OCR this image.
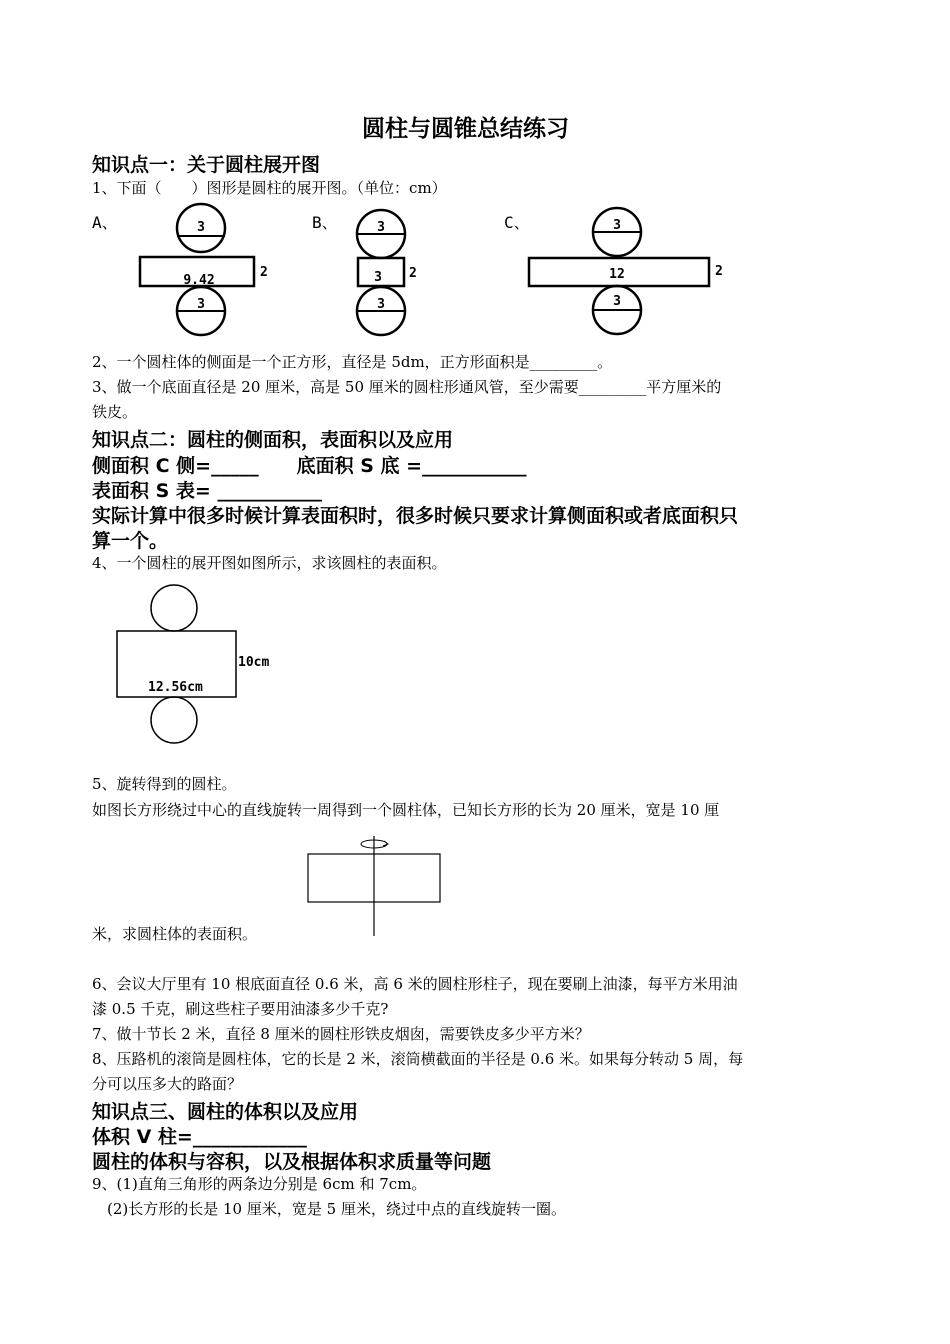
圆柱与圆锥总结练习
知识点一：关于圆柱展开图
1、下面（　　）图形是圆柱的展开图。（单位：cm）
A、	3
9.42
2
3
B、	3
3 2
3
C、	3
12	2
3
2、一个圆柱体的侧面是一个正方形，直径是 5dm，正方形面积是_________。
3、做一个底面直径是 20 厘米，高是 50 厘米的圆柱形通风管，至少需要_________平方厘米的
铁皮。
知识点二：圆柱的侧面积，表面积以及应用
侧面积 C 侧=_____　　底面积 S 底 =___________
表面积 S 表= ___________
实际计算中很多时候计算表面积时，很多时候只要求计算侧面积或者底面积只
算一个。
4、一个圆柱的展开图如图所示，求该圆柱的表面积。
10cm
12.56cm
5、旋转得到的圆柱。
如图长方形绕过中心的直线旋转一周得到一个圆柱体，已知长方形的长为 20 厘米，宽是 10 厘
米，求圆柱体的表面积。
6、会议大厅里有 10 根底面直径 0.6 米，高 6 米的圆柱形柱子，现在要刷上油漆，每平方米用油
漆 0.5 千克，刷这些柱子要用油漆多少千克?
7、做十节长 2 米，直径 8 厘米的圆柱形铁皮烟囱，需要铁皮多少平方米？
8、压路机的滚筒是圆柱体，它的长是 2 米，滚筒横截面的半径是 0.6 米。如果每分转动 5 周，每
分可以压多大的路面？
知识点三、圆柱的体积以及应用
体积 V 柱=____________
圆柱的体积与容积，以及根据体积求质量等问题
9、(1)直角三角形的两条边分别是 6cm 和 7cm。
　(2)长方形的长是 10 厘米，宽是 5 厘米，绕过中点的直线旋转一圈。
